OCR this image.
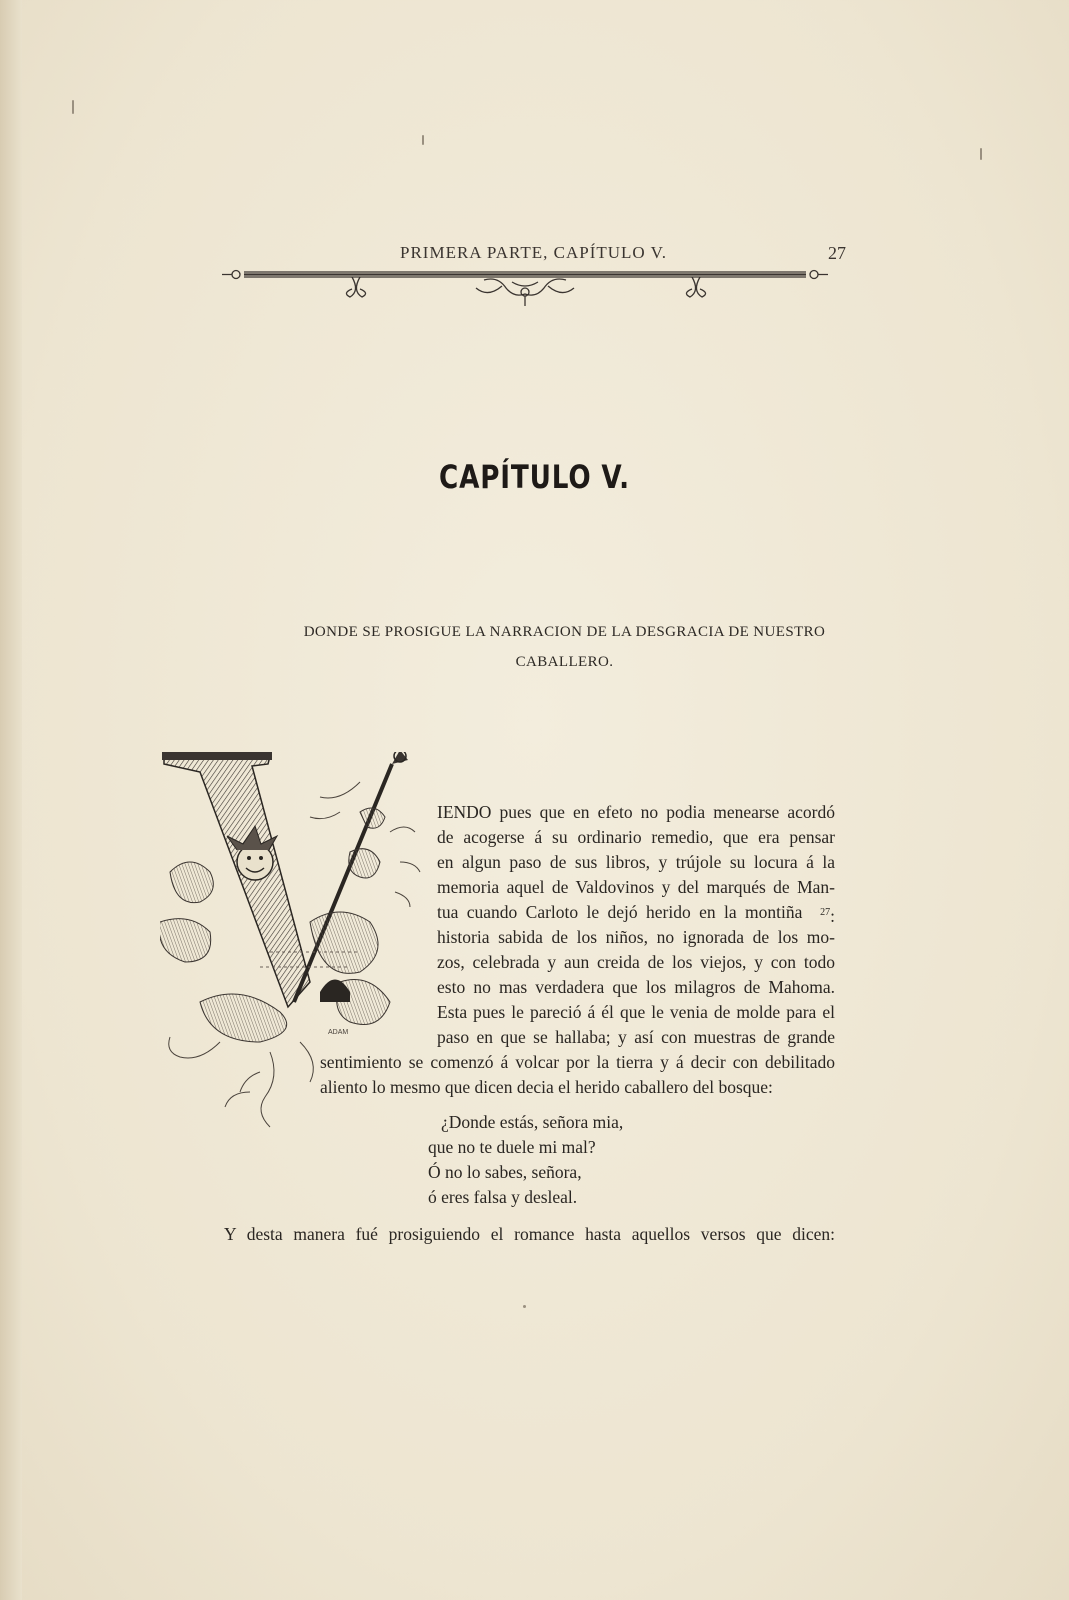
PRIMERA PARTE, CAPÍTULO V.	27
CAPÍTULO V.
DONDE SE PROSIGUE LA NARRACION DE LA DESGRACIA DE NUESTRO
CABALLERO.
ADAM
IENDO pues que en efeto no podia menearse acordó
de acogerse á su ordinario remedio, que era pensar
en algun paso de sus libros, y trújole su locura á la
memoria aquel de Valdovinos y del marqués de Man-
tua cuando Carloto le dejó herido en la montiña $^{27}$:
historia sabida de los niños, no ignorada de los mo-
zos, celebrada y aun creida de los viejos, y con todo
esto no mas verdadera que los milagros de Mahoma.
Esta pues le pareció á él que le venia de molde para el
paso en que se hallaba; y así con muestras de grande
sentimiento se comenzó á volcar por la tierra y á decir con debilitado
aliento lo mesmo que dicen decia el herido caballero del bosque:
¿Donde estás, señora mia,
que no te duele mi mal?
Ó no lo sabes, señora,
ó eres falsa y desleal.
Y desta manera fué prosiguiendo el romance hasta aquellos versos que dicen:
